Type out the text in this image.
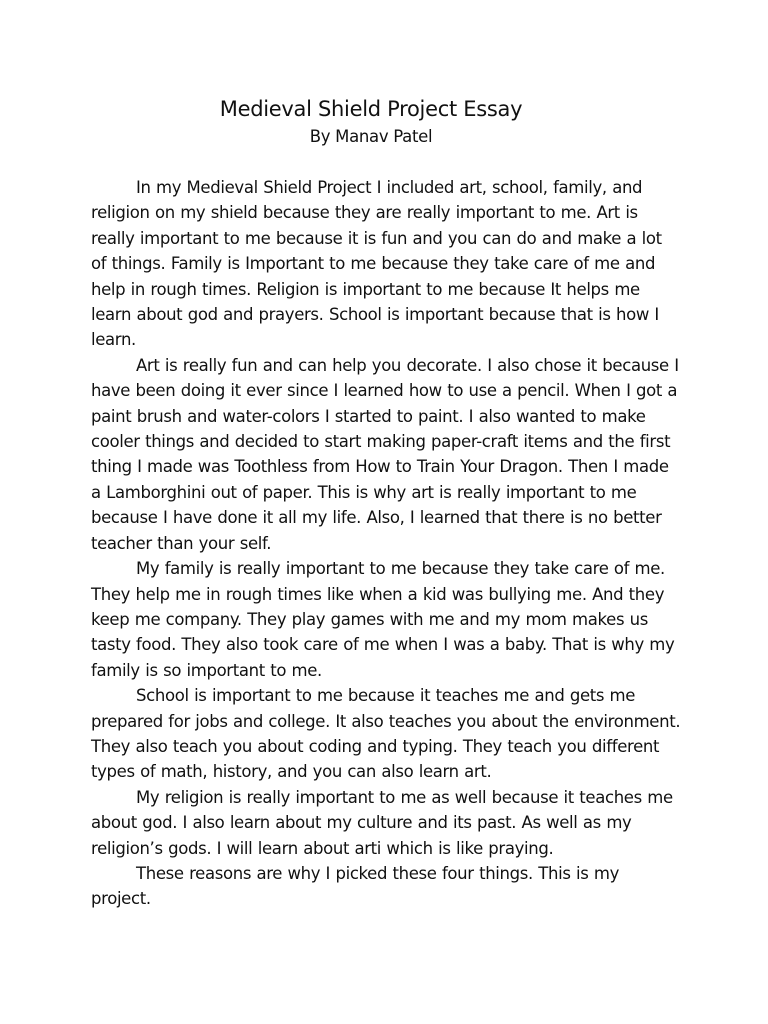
Medieval Shield Project Essay
By Manav Patel

In my Medieval Shield Project I included art, school, family, and religion on my shield because they are really important to me. Art is really important to me because it is fun and you can do and make a lot of things. Family is Important to me because they take care of me and help in rough times. Religion is important to me because It helps me learn about god and prayers. School is important because that is how I learn.

Art is really fun and can help you decorate. I also chose it because I have been doing it ever since I learned how to use a pencil. When I got a paint brush and water-colors I started to paint. I also wanted to make cooler things and decided to start making paper-craft items and the first thing I made was Toothless from How to Train Your Dragon. Then I made a Lamborghini out of paper. This is why art is really important to me because I have done it all my life. Also, I learned that there is no better teacher than your self.

My family is really important to me because they take care of me. They help me in rough times like when a kid was bullying me. And they keep me company. They play games with me and my mom makes us tasty food. They also took care of me when I was a baby. That is why my family is so important to me.

School is important to me because it teaches me and gets me prepared for jobs and college. It also teaches you about the environment. They also teach you about coding and typing. They teach you different types of math, history, and you can also learn art.

My religion is really important to me as well because it teaches me about god. I also learn about my culture and its past. As well as my religion’s gods. I will learn about arti which is like praying.

These reasons are why I picked these four things. This is my project.
